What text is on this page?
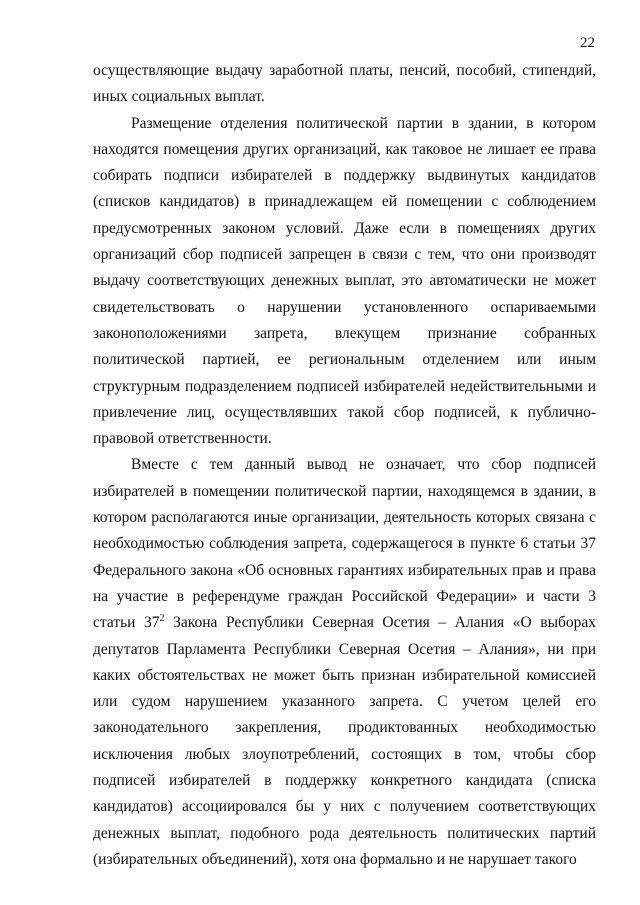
22

осуществляющие выдачу заработной платы, пенсий, пособий, стипендий, иных социальных выплат.

Размещение отделения политической партии в здании, в котором находятся помещения других организаций, как таковое не лишает ее права собирать подписи избирателей в поддержку выдвинутых кандидатов (списков кандидатов) в принадлежащем ей помещении с соблюдением предусмотренных законом условий. Даже если в помещениях других организаций сбор подписей запрещен в связи с тем, что они производят выдачу соответствующих денежных выплат, это автоматически не может свидетельствовать о нарушении установленного оспариваемыми законоположениями запрета, влекущем признание собранных политической партией, ее региональным отделением или иным структурным подразделением подписей избирателей недействительными и привлечение лиц, осуществлявших такой сбор подписей, к публично-правовой ответственности.

Вместе с тем данный вывод не означает, что сбор подписей избирателей в помещении политической партии, находящемся в здании, в котором располагаются иные организации, деятельность которых связана с необходимостью соблюдения запрета, содержащегося в пункте 6 статьи 37 Федерального закона «Об основных гарантиях избирательных прав и права на участие в референдуме граждан Российской Федерации» и части 3 статьи $37^2$ Закона Республики Северная Осетия – Алания «О выборах депутатов Парламента Республики Северная Осетия – Алания», ни при каких обстоятельствах не может быть признан избирательной комиссией или судом нарушением указанного запрета. С учетом целей его законодательного закрепления, продиктованных необходимостью исключения любых злоупотреблений, состоящих в том, чтобы сбор подписей избирателей в поддержку конкретного кандидата (списка кандидатов) ассоциировался бы у них с получением соответствующих денежных выплат, подобного рода деятельность политических партий (избирательных объединений), хотя она формально и не нарушает такого
